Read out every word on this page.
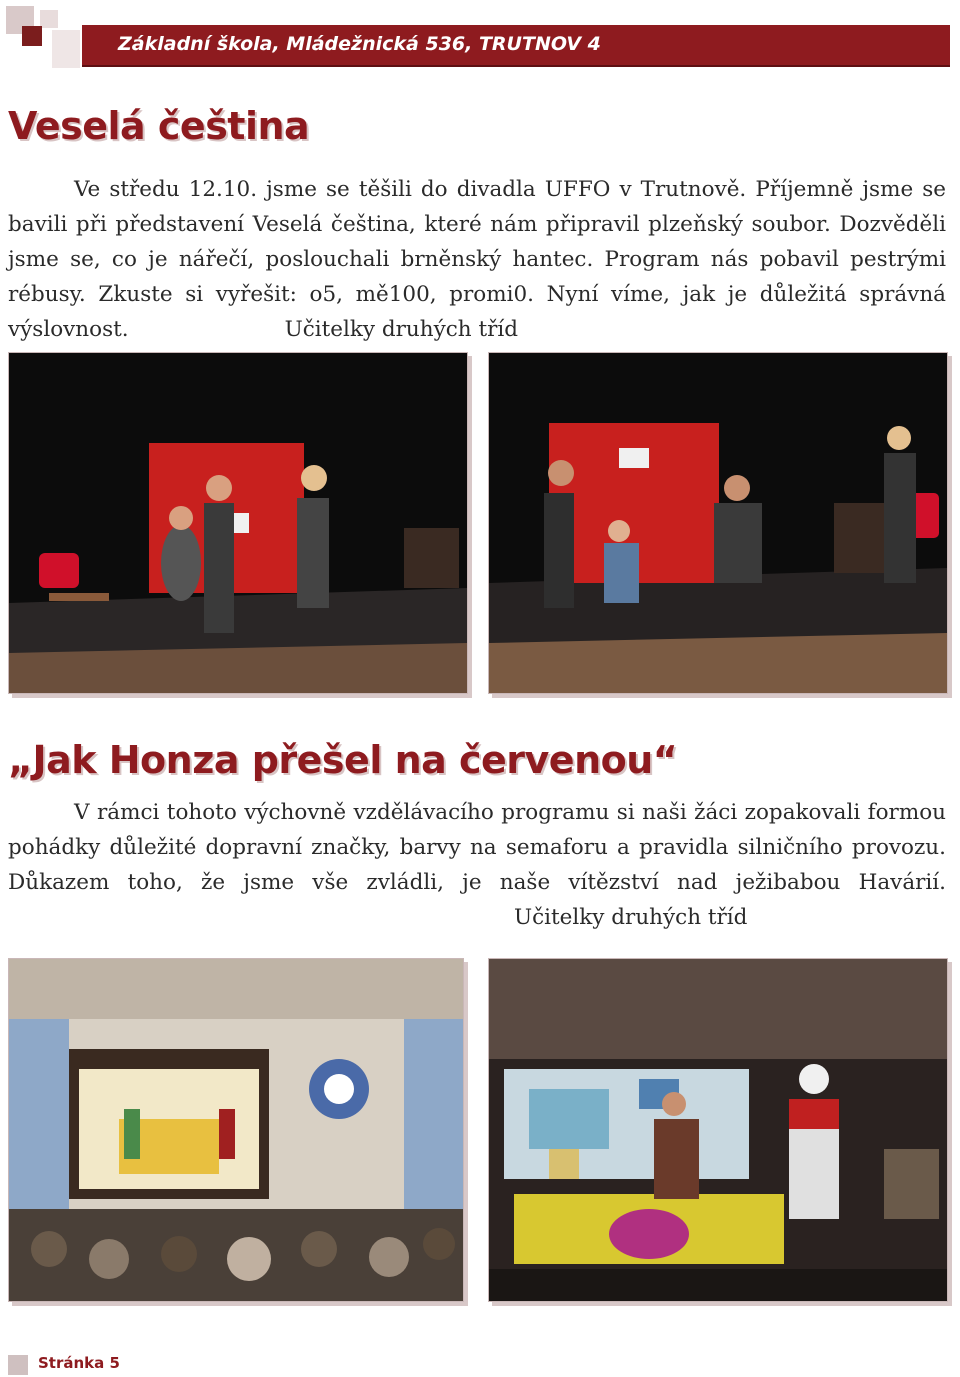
Základní škola, Mládežnická 536, TRUTNOV 4
Veselá čeština

Ve středu 12.10. jsme se těšili do divadla UFFO v Trutnově. Příjemně jsme se bavili při představení Veselá čeština, které nám připravil plzeňský soubor. Dozvěděli jsme se, co je nářečí, poslouchali brněnský hantec. Program nás pobavil pestrými rébusy. Zkuste si vyřešit: o5, mě100, promi0. Nyní víme, jak je důležitá správná výslovnost.	Učitelky druhých tříd

„Jak Honza přešel na červenou“

V rámci tohoto výchovně vzdělávacího programu si naši žáci zopakovali formou pohádky důležité dopravní značky, barvy na semaforu a pravidla silničního provozu. Důkazem toho, že jsme vše zvládli, je naše vítězství nad ježibabou Havárií.Učitelky druhých tříd

Stránka 5
